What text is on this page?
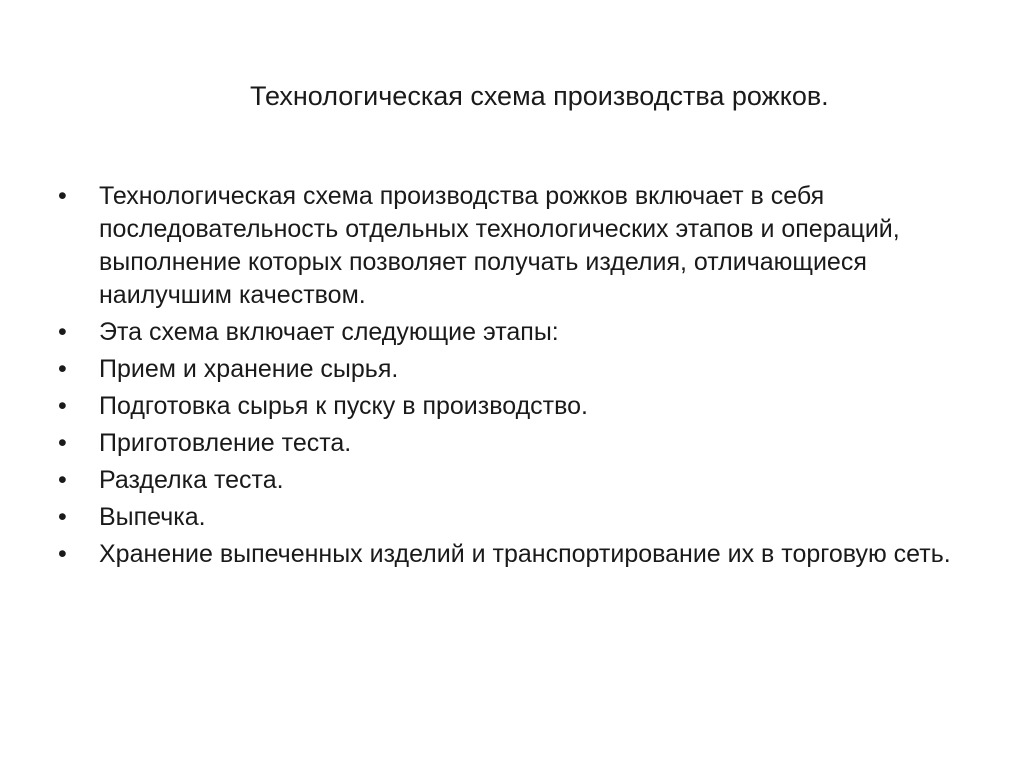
Технологическая схема производства рожков.
•	Технологическая схема производства рожков включает в себя последовательность отдельных технологических этапов и операций, выполнение которых позволяет получать изделия, отличающиеся наилучшим качеством.
•	Эта схема включает следующие этапы:
•	Прием и хранение сырья.
•	Подготовка сырья к пуску в производство.
•	Приготовление теста.
•	Разделка теста.
•	Выпечка.
•	Хранение выпеченных изделий и транспортирование их в торговую сеть.
